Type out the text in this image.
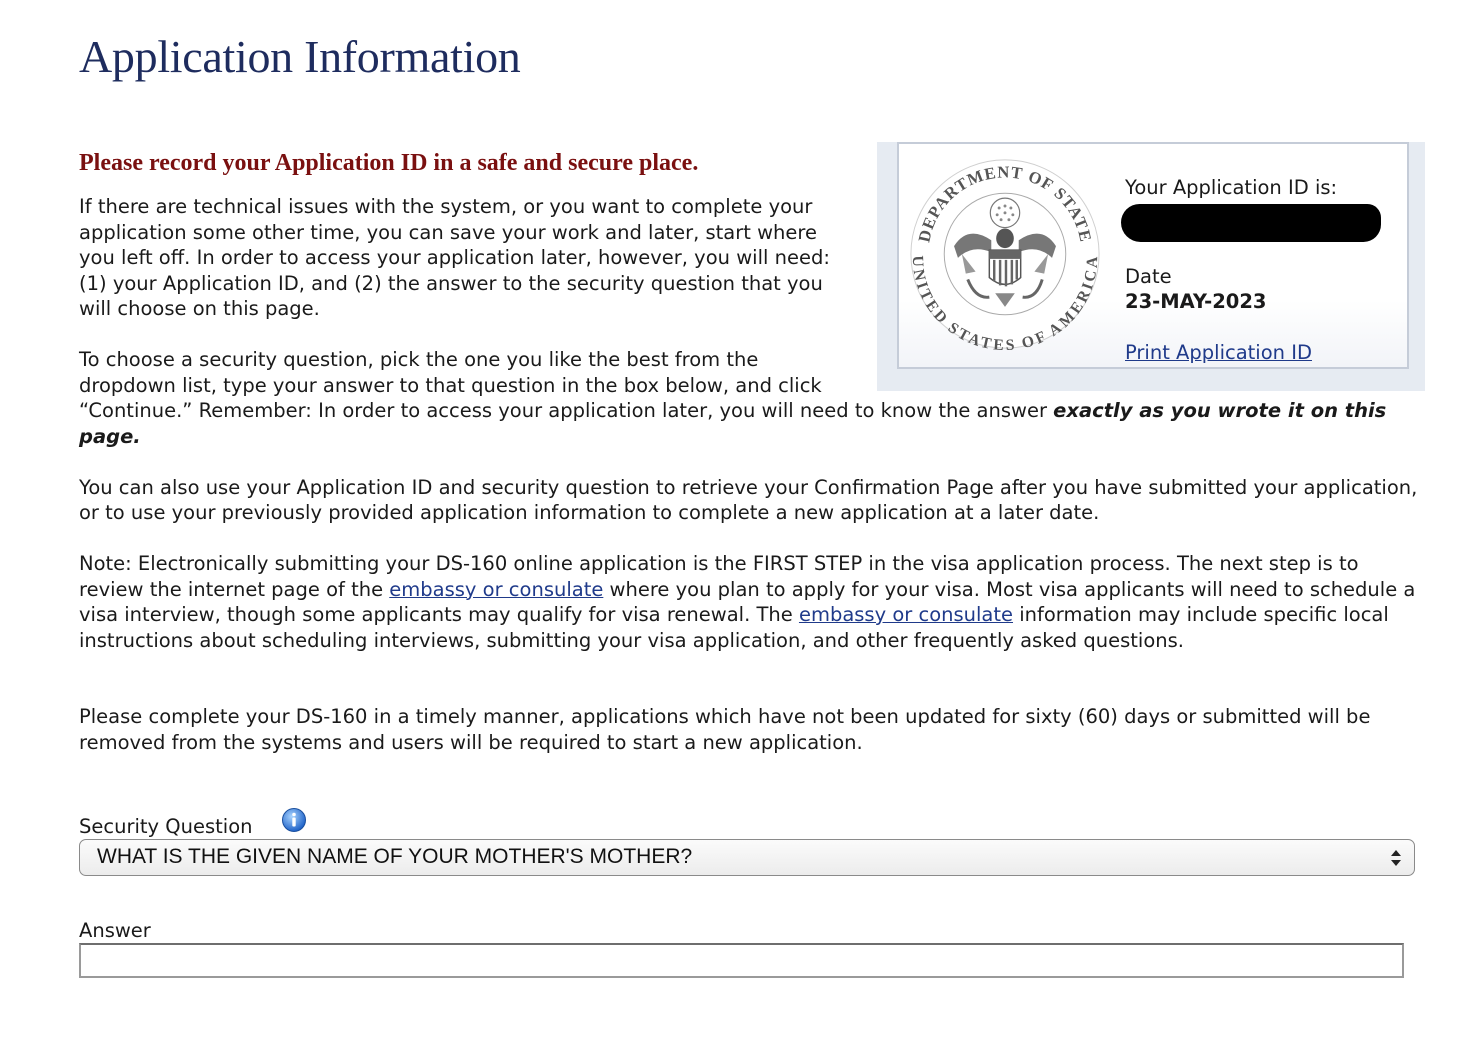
Application Information
Please record your Application ID in a safe and secure place.
DEPARTMENT OF STATE
UNITED STATES OF AMERICA
Your Application ID is:
Date
23-MAY-2023
Print Application ID

If there are technical issues with the system, or you want to complete your application some other time, you can save your work and later, start where you left off. In order to access your application later, however, you will need: (1) your Application ID, and (2) the answer to the security question that you will choose on this page.

To choose a security question, pick the one you like the best from the dropdown list, type your answer to that question in the box below, and click “Continue.” Remember: In order to access your application later, you will need to know the answer exactly as you wrote it on this page.

You can also use your Application ID and security question to retrieve your Confirmation Page after you have submitted your application, or to use your previously provided application information to complete a new application at a later date.

Note: Electronically submitting your DS-160 online application is the FIRST STEP in the visa application process. The next step is to review the internet page of the embassy or consulate where you plan to apply for your visa. Most visa applicants will need to schedule a visa interview, though some applicants may qualify for visa renewal. The embassy or consulate information may include specific local instructions about scheduling interviews, submitting your visa application, and other frequently asked questions.

Please complete your DS-160 in a timely manner, applications which have not been updated for sixty (60) days or submitted will be removed from the systems and users will be required to start a new application.

Security Question
WHAT IS THE GIVEN NAME OF YOUR MOTHER'S MOTHER?
Answer
